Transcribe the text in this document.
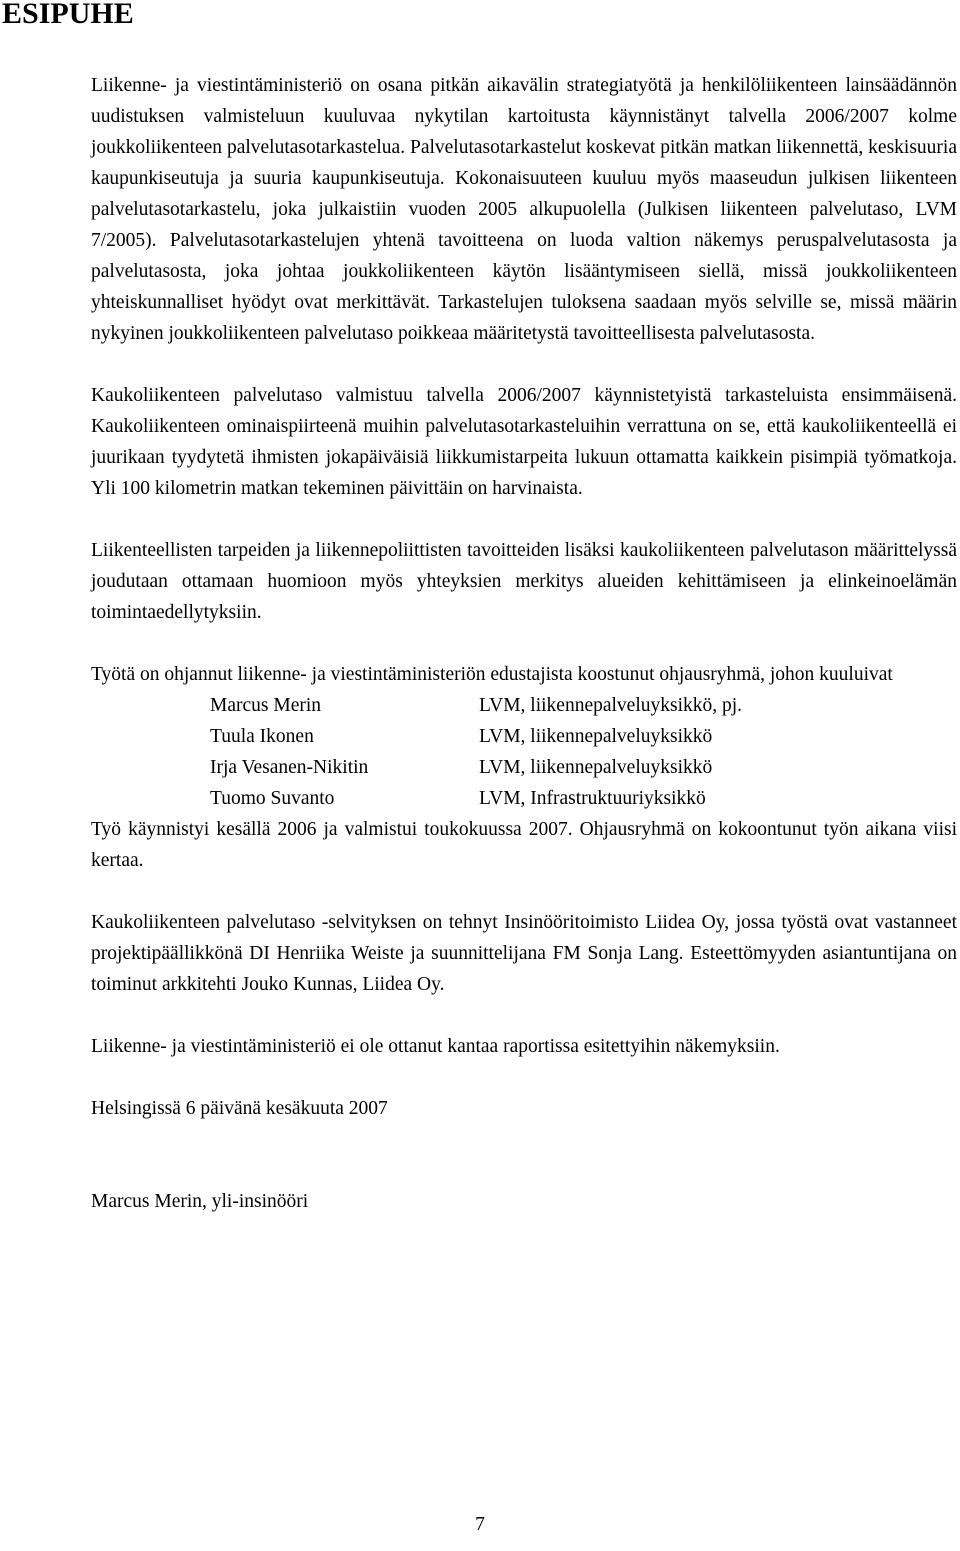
ESIPUHE

Liikenne- ja viestintäministeriö on osana pitkän aikavälin strategiatyötä ja henkilöliikenteen lainsäädännön uudistuksen valmisteluun kuuluvaa nykytilan kartoitusta käynnistänyt talvella 2006/2007 kolme joukkoliikenteen palvelutasotarkastelua. Palvelutasotarkastelut koskevat pitkän matkan liikennettä, keskisuuria kaupunkiseutuja ja suuria kaupunkiseutuja. Kokonaisuuteen kuuluu myös maaseudun julkisen liikenteen palvelutasotarkastelu, joka julkaistiin vuoden 2005 alkupuolella (Julkisen liikenteen palvelutaso, LVM 7/2005). Palvelutasotarkastelujen yhtenä tavoitteena on luoda valtion näkemys peruspalvelutasosta ja palvelutasosta, joka johtaa joukkoliikenteen käytön lisääntymiseen siellä, missä joukkoliikenteen yhteiskunnalliset hyödyt ovat merkittävät. Tarkastelujen tuloksena saadaan myös selville se, missä määrin nykyinen joukkoliikenteen palvelutaso poikkeaa määritetystä tavoitteellisesta palvelutasosta.

Kaukoliikenteen palvelutaso valmistuu talvella 2006/2007 käynnistetyistä tarkasteluista ensimmäisenä. Kaukoliikenteen ominaispiirteenä muihin palvelutasotarkasteluihin verrattuna on se, että kaukoliikenteellä ei juurikaan tyydytetä ihmisten jokapäiväisiä liikkumistarpeita lukuun ottamatta kaikkein pisimpiä työmatkoja. Yli 100 kilometrin matkan tekeminen päivittäin on harvinaista.

Liikenteellisten tarpeiden ja liikennepoliittisten tavoitteiden lisäksi kaukoliikenteen palvelutason määrittelyssä joudutaan ottamaan huomioon myös yhteyksien merkitys alueiden kehittämiseen ja elinkeinoelämän toimintaedellytyksiin.

Työtä on ohjannut liikenne- ja viestintäministeriön edustajista koostunut ohjausryhmä, johon kuuluivat

Marcus Merin	LVM, liikennepalveluyksikkö, pj.
Tuula Ikonen	LVM, liikennepalveluyksikkö
Irja Vesanen-Nikitin	LVM, liikennepalveluyksikkö
Tuomo Suvanto	LVM, Infrastruktuuriyksikkö

Työ käynnistyi kesällä 2006 ja valmistui toukokuussa 2007. Ohjausryhmä on kokoontunut työn aikana viisi kertaa.

Kaukoliikenteen palvelutaso -selvityksen on tehnyt Insinööritoimisto Liidea Oy, jossa työstä ovat vastanneet projektipäällikkönä DI Henriika Weiste ja suunnittelijana FM Sonja Lang. Esteettömyyden asiantuntijana on toiminut arkkitehti Jouko Kunnas, Liidea Oy.

Liikenne- ja viestintäministeriö ei ole ottanut kantaa raportissa esitettyihin näkemyksiin.

Helsingissä 6 päivänä kesäkuuta 2007

Marcus Merin, yli-insinööri

7
